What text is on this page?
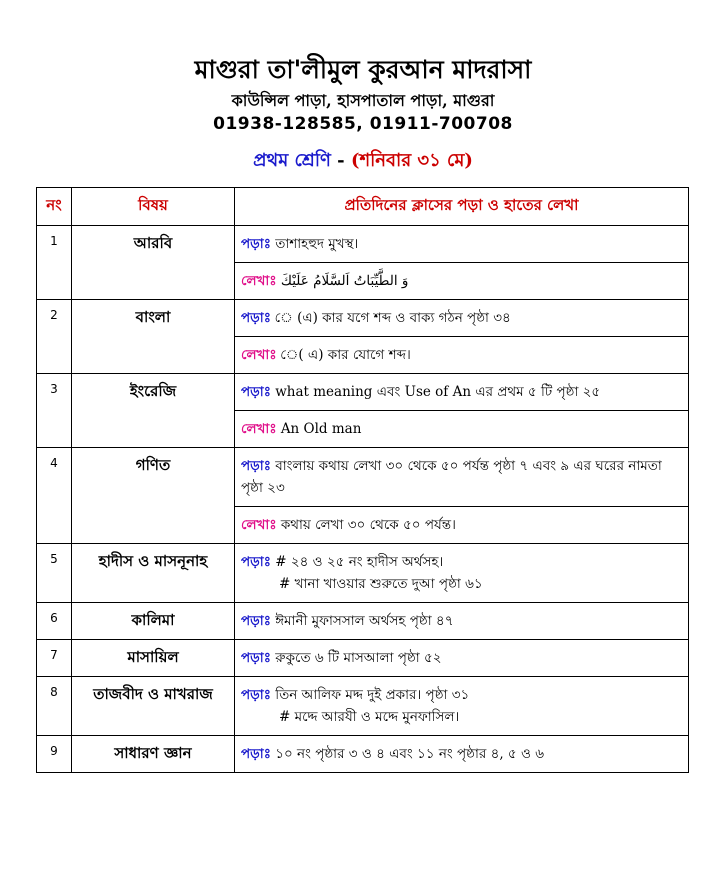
মাগুরা তা'লীমুল কুরআন মাদরাসা
কাউন্সিল পাড়া, হাসপাতাল পাড়া, মাগুরা
01938-128585, 01911-700708
প্রথম শ্রেণি - (শনিবার ৩১ মে)
নং	বিষয়	প্রতিদিনের ক্লাসের পড়া ও হাতের লেখা
1	আরবি	পড়াঃ তাশাহহুদ মুখস্থ।
		লেখাঃ وَ الطَّيِّبَاتُ اَلسَّلَامُ عَلَيْكَ
2	বাংলা	পড়াঃ ে (এ) কার যগে শব্দ ও বাক্য গঠন পৃষ্ঠা ৩৪
		লেখাঃ ে( এ) কার যোগে শব্দ।
3	ইংরেজি	পড়াঃ what meaning এবং Use of An এর প্রথম ৫ টি পৃষ্ঠা ২৫
		লেখাঃ An Old man
4	গণিত	পড়াঃ বাংলায় কথায় লেখা ৩০ থেকে ৫০ পর্যন্ত পৃষ্ঠা ৭ এবং ৯ এর ঘরের নামতা পৃষ্ঠা ২৩
		লেখাঃ কথায় লেখা ৩০ থেকে ৫০ পর্যন্ত।
5	হাদীস ও মাসনূনাহ	পড়াঃ # ২৪ ও ২৫ নং হাদীস অর্থসহ।
# খানা খাওয়ার শুরুতে দুআ পৃষ্ঠা ৬১

6	কালিমা	পড়াঃ ঈমানী মুফাসসাল অর্থসহ পৃষ্ঠা ৪৭
7	মাসায়িল	পড়াঃ রুকুতে ৬ টি মাসআলা পৃষ্ঠা ৫২
8	তাজবীদ ও মাখরাজ	পড়াঃ তিন আলিফ মদ্দ দুই প্রকার। পৃষ্ঠা ৩১
# মদ্দে আরযী ও মদ্দে মুনফাসিল।

9	সাধারণ জ্ঞান	পড়াঃ ১০ নং পৃষ্ঠার ৩ ও ৪ এবং ১১ নং পৃষ্ঠার ৪, ৫ ও ৬
